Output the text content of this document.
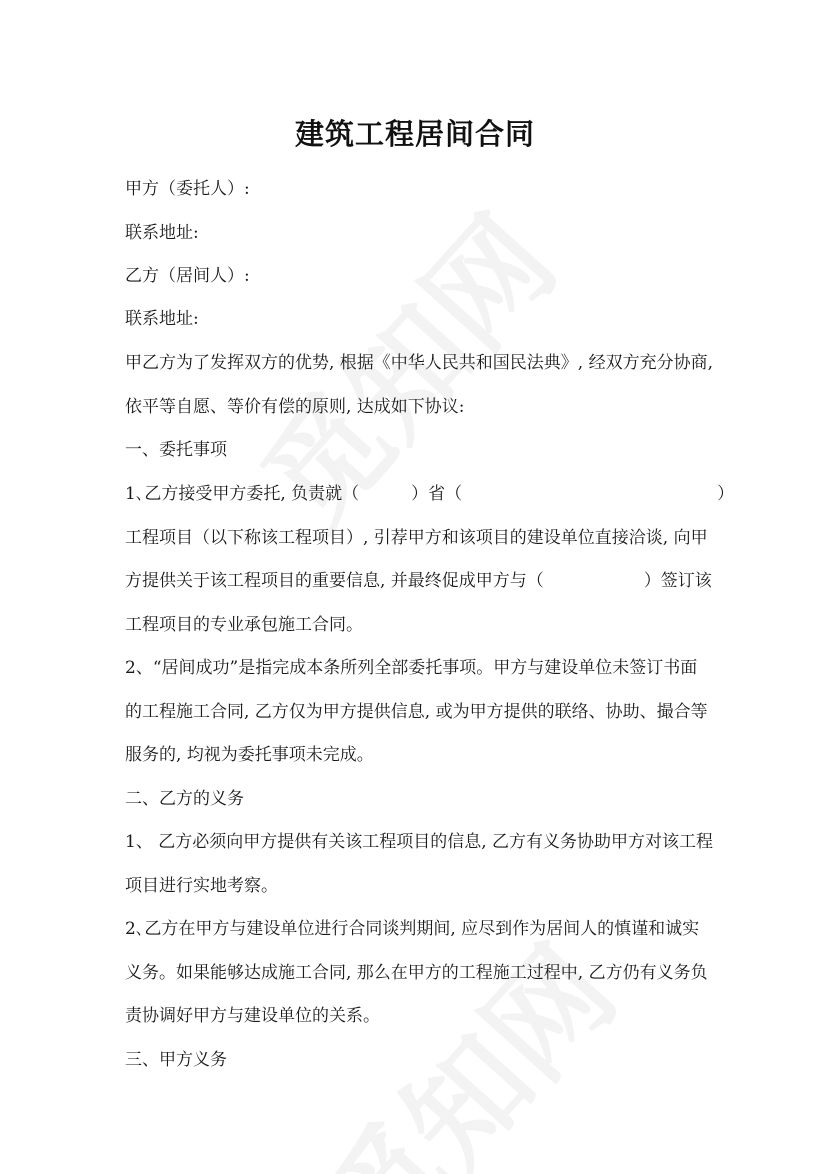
建筑工程居间合同
甲方（委托人）:
联系地址:
乙方（居间人）:
联系地址:
甲乙方为了发挥双方的优势, 根据《中华人民共和国民法典》, 经双方充分协商,
依平等自愿、等价有偿的原则, 达成如下协议:
一、委托事项
1､乙方接受甲方委托, 负责就（	）省（	）
工程项目（以下称该工程项目）, 引荐甲方和该项目的建设单位直接洽谈, 向甲
方提供关于该工程项目的重要信息, 并最终促成甲方与（	）签订该
工程项目的专业承包施工合同。
2、“居间成功”是指完成本条所列全部委托事项。甲方与建设单位未签订书面
的工程施工合同, 乙方仅为甲方提供信息, 或为甲方提供的联络、协助、撮合等
服务的, 均视为委托事项未完成。
二、乙方的义务
1、 乙方必须向甲方提供有关该工程项目的信息, 乙方有义务协助甲方对该工程
项目进行实地考察。
2､乙方在甲方与建设单位进行合同谈判期间, 应尽到作为居间人的慎谨和诚实
义务。如果能够达成施工合同, 那么在甲方的工程施工过程中, 乙方仍有义务负
责协调好甲方与建设单位的关系。
三、甲方义务
